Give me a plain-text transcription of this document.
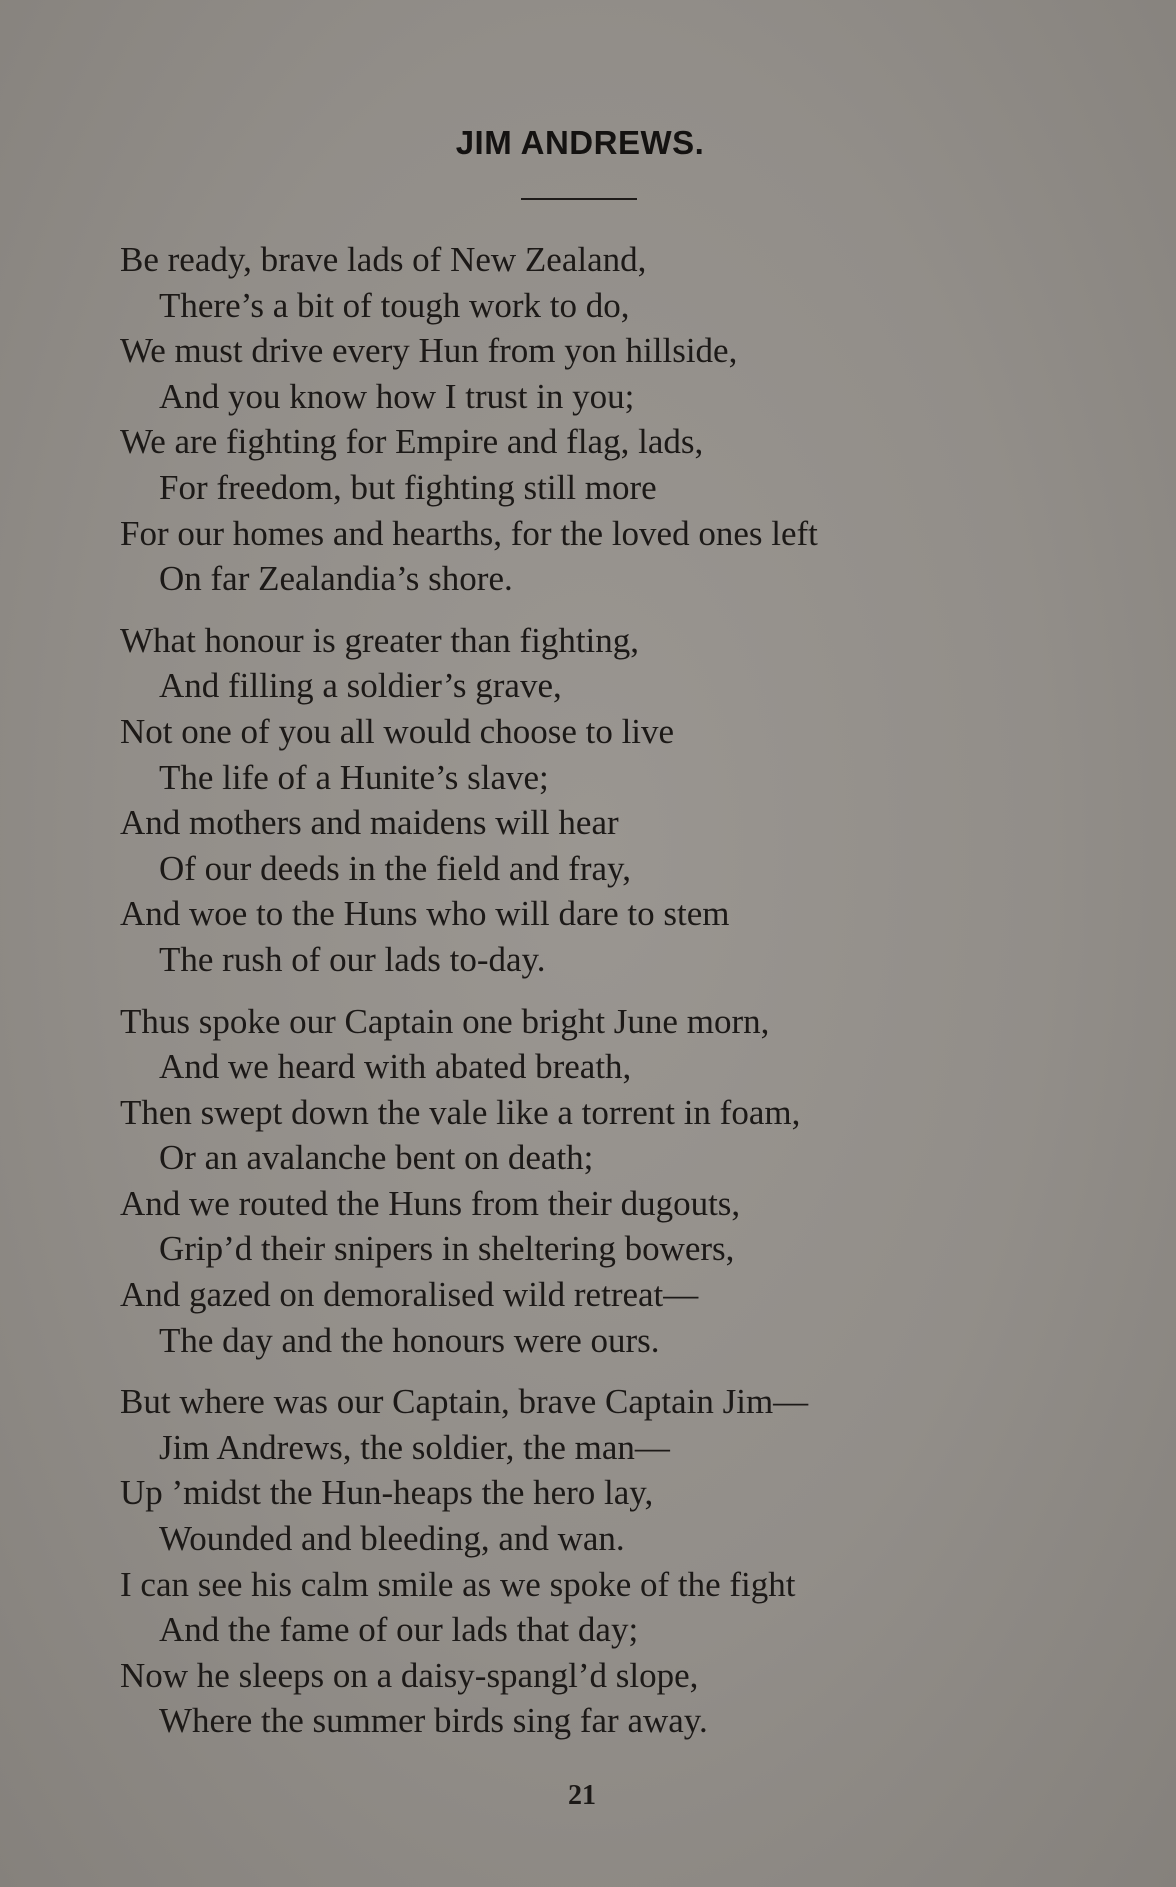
JIM ANDREWS.
Be ready, brave lads of New Zealand,
There’s a bit of tough work to do,
We must drive every Hun from yon hillside,
And you know how I trust in you;
We are fighting for Empire and flag, lads,
For freedom, but fighting still more
For our homes and hearths, for the loved ones left
On far Zealandia’s shore.
What honour is greater than fighting,
And filling a soldier’s grave,
Not one of you all would choose to live
The life of a Hunite’s slave;
And mothers and maidens will hear
Of our deeds in the field and fray,
And woe to the Huns who will dare to stem
The rush of our lads to-day.
Thus spoke our Captain one bright June morn,
And we heard with abated breath,
Then swept down the vale like a torrent in foam,
Or an avalanche bent on death;
And we routed the Huns from their dugouts,
Grip’d their snipers in sheltering bowers,
And gazed on demoralised wild retreat—
The day and the honours were ours.
But where was our Captain, brave Captain Jim—
Jim Andrews, the soldier, the man—
Up ’midst the Hun-heaps the hero lay,
Wounded and bleeding, and wan.
I can see his calm smile as we spoke of the fight
And the fame of our lads that day;
Now he sleeps on a daisy-spangl’d slope,
Where the summer birds sing far away.
21
